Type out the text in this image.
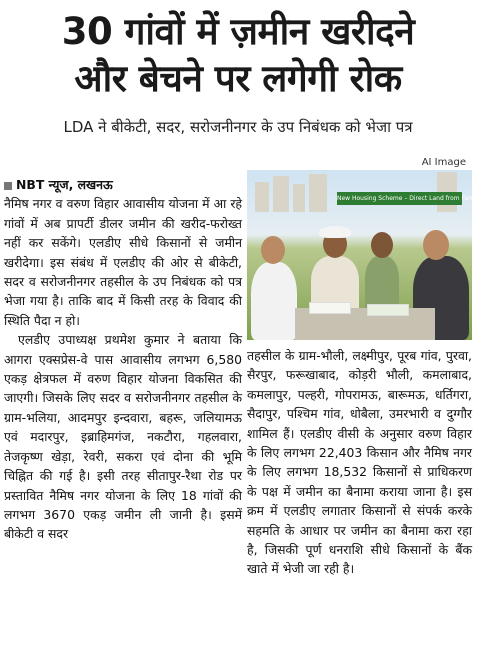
30 गांवों में ज़मीन खरीदने
और बेचने पर लगेगी रोक
LDA ने बीकेटी, सदर, सरोजनीनगर के उप निबंधक को भेजा पत्र
AI Image
New Housing Scheme – Direct Land from Farmers

NBT न्यूज, लखनऊ

नैमिष नगर व वरुण विहार आवासीय योजना में आ रहे गांवों में अब प्रापर्टी डीलर जमीन की खरीद-फरोख्त नहीं कर सकेंगे। एलडीए सीधे किसानों से जमीन खरीदेगा। इस संबंध में एलडीए की ओर से बीकेटी, सदर व सरोजनीनगर तहसील के उप निबंधक को पत्र भेजा गया है। ताकि बाद में किसी तरह के विवाद की स्थिति पैदा न हो।

एलडीए उपाध्यक्ष प्रथमेश कुमार ने बताया कि आगरा एक्सप्रेस-वे पास आवासीय लगभग 6,580 एकड़ क्षेत्रफल में वरुण विहार योजना विकसित की जाएगी। जिसके लिए सदर व सरोजनीनगर तहसील के ग्राम-भलिया, आदमपुर इन्दवारा, बहरू, जलियामऊ एवं मदारपुर, इब्राहिमगंज, नकटौरा, गहलवारा, तेजकृष्ण खेड़ा, रेवरी, सकरा एवं दोना की भूमि चिह्नित की गई है। इसी तरह सीतापुर-रैथा रोड पर प्रस्तावित नैमिष नगर योजना के लिए 18 गांवों की लगभग 3670 एकड़ जमीन ली जानी है। इसमें बीकेटी व सदर

तहसील के ग्राम-भौली, लक्ष्मीपुर, पूरब गांव, पुरवा, सैरपुर, फरूखाबाद, कोड़री भौली, कमलाबाद, कमलापुर, पल्हरी, गोपरामऊ, बारूमऊ, धर्तिगरा, सैदापुर, पश्चिम गांव, धोबैला, उमरभारी व दुग्गौर शामिल हैं। एलडीए वीसी के अनुसार वरुण विहार के लिए लगभग 22,403 किसान और नैमिष नगर के लिए लगभग 18,532 किसानों से प्राधिकरण के पक्ष में जमीन का बैनामा कराया जाना है। इस क्रम में एलडीए लगातार किसानों से संपर्क करके सहमति के आधार पर जमीन का बैनामा करा रहा है, जिसकी पूर्ण धनराशि सीधे किसानों के बैंक खाते में भेजी जा रही है।
